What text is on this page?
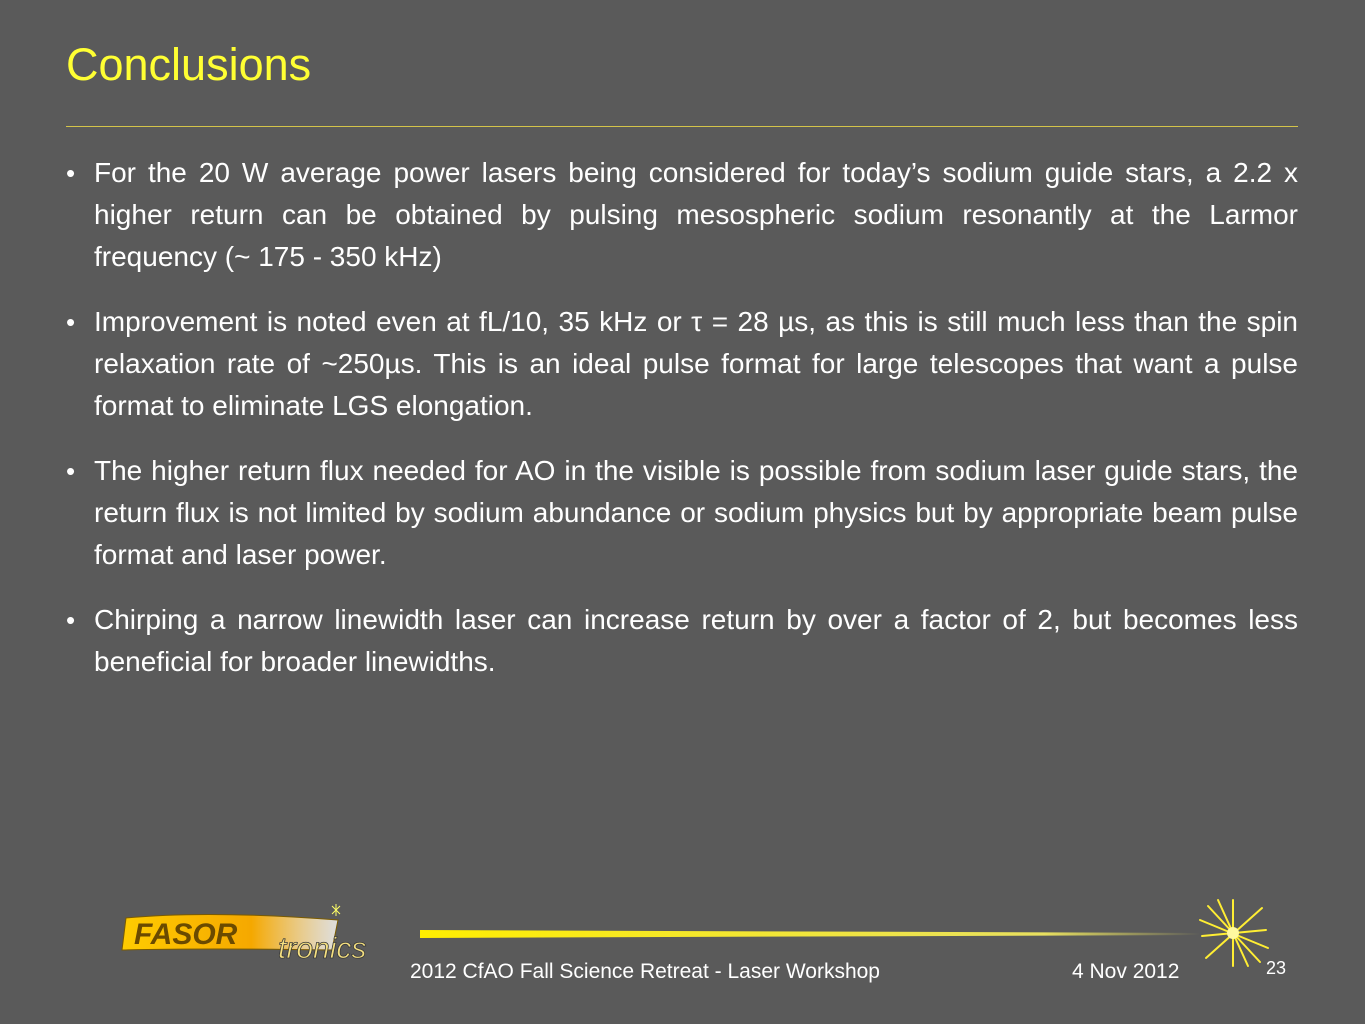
Conclusions
• For the 20 W average power lasers being considered for today’s sodium guide stars, a 2.2 x higher return can be obtained by pulsing mesospheric sodium resonantly at the Larmor frequency (~ 175 - 350 kHz)
• Improvement is noted even at fL/10, 35 kHz or τ = 28 µs, as this is still much less than the spin relaxation rate of ~250µs. This is an ideal pulse format for large telescopes that want a pulse format to eliminate LGS elongation.
• The higher return flux needed for AO in the visible is possible from sodium laser guide stars, the return flux is not limited by sodium abundance or sodium physics but by appropriate beam pulse format and laser power.
• Chirping a narrow linewidth laser can increase return by over a factor of 2, but becomes less beneficial for broader linewidths.
FASOR tronics
2012 CfAO Fall Science Retreat - Laser Workshop	4 Nov 2012	23
